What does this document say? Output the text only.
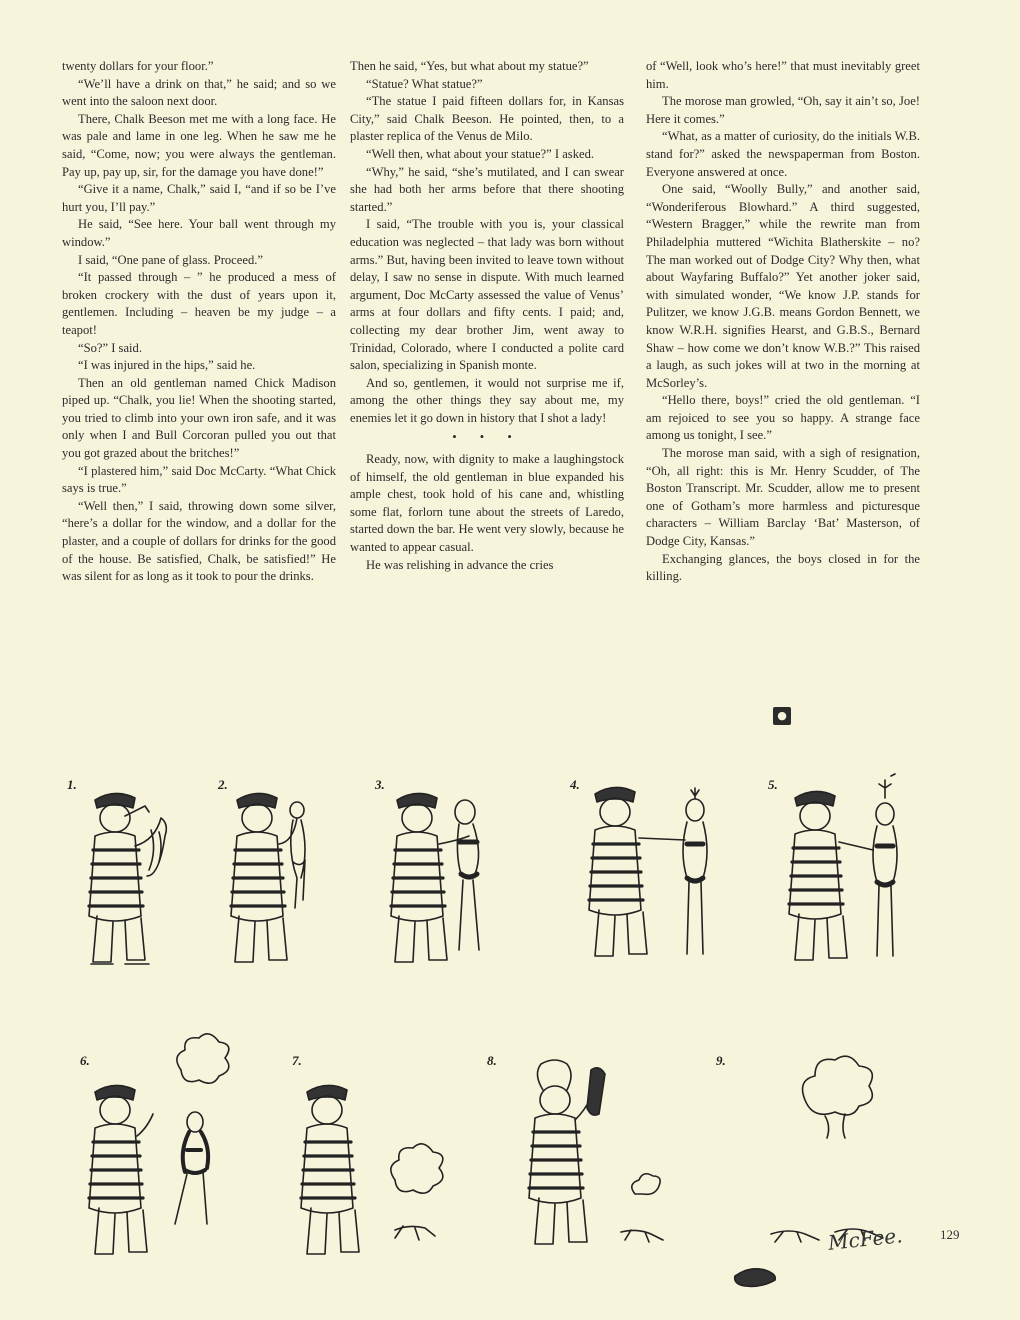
twenty dollars for your floor.”

“We’ll have a drink on that,” he said; and so we went into the saloon next door.

There, Chalk Beeson met me with a long face. He was pale and lame in one leg. When he saw me he said, “Come, now; you were always the gentleman. Pay up, pay up, sir, for the damage you have done!”

“Give it a name, Chalk,” said I, “and if so be I’ve hurt you, I’ll pay.”

He said, “See here. Your ball went through my window.”

I said, “One pane of glass. Proceed.”

“It passed through – ” he produced a mess of broken crockery with the dust of years upon it, gentlemen. Including – heaven be my judge – a teapot!

“So?” I said.

“I was injured in the hips,” said he.

Then an old gentleman named Chick Madison piped up. “Chalk, you lie! When the shooting started, you tried to climb into your own iron safe, and it was only when I and Bull Corcoran pulled you out that you got grazed about the britches!”

“I plastered him,” said Doc McCarty. “What Chick says is true.”

“Well then,” I said, throwing down some silver, “here’s a dollar for the window, and a dollar for the plaster, and a couple of dollars for drinks for the good of the house. Be satisfied, Chalk, be satisfied!” He was silent for as long as it took to pour the drinks.

Then he said, “Yes, but what about my statue?”

“Statue? What statue?”

“The statue I paid fifteen dollars for, in Kansas City,” said Chalk Beeson. He pointed, then, to a plaster replica of the Venus de Milo.

“Well then, what about your statue?” I asked.

“Why,” he said, “she’s mutilated, and I can swear she had both her arms before that there shooting started.”

I said, “The trouble with you is, your classical education was neglected – that lady was born without arms.” But, having been invited to leave town without delay, I saw no sense in dispute. With much learned argument, Doc McCarty assessed the value of Venus’ arms at four dollars and fifty cents. I paid; and, collecting my dear brother Jim, went away to Trinidad, Colorado, where I conducted a polite card salon, specializing in Spanish monte.

And so, gentlemen, it would not surprise me if, among the other things they say about me, my enemies let it go down in history that I shot a lady!

• • •

Ready, now, with dignity to make a laughingstock of himself, the old gentleman in blue expanded his ample chest, took hold of his cane and, whistling some flat, forlorn tune about the streets of Laredo, started down the bar. He went very slowly, because he wanted to appear casual.

He was relishing in advance the cries

of “Well, look who’s here!” that must inevitably greet him.

The morose man growled, “Oh, say it ain’t so, Joe! Here it comes.”

“What, as a matter of curiosity, do the initials W.B. stand for?” asked the newspaperman from Boston. Everyone answered at once.

One said, “Woolly Bully,” and another said, “Wonderiferous Blowhard.” A third suggested, “Western Bragger,” while the rewrite man from Philadelphia muttered “Wichita Blatherskite – no? The man worked out of Dodge City? Why then, what about Wayfaring Buffalo?” Yet another joker said, with simulated wonder, “We know J.P. stands for Pulitzer, we know J.G.B. means Gordon Bennett, we know W.R.H. signifies Hearst, and G.B.S., Bernard Shaw – how come we don’t know W.B.?” This raised a laugh, as such jokes will at two in the morning at McSorley’s.

“Hello there, boys!” cried the old gentleman. “I am rejoiced to see you so happy. A strange face among us tonight, I see.”

The morose man said, with a sigh of resignation, “Oh, all right: this is Mr. Henry Scudder, of The Boston Transcript. Mr. Scudder, allow me to present one of Gotham’s more harmless and picturesque characters – William Barclay ‘Bat’ Masterson, of Dodge City, Kansas.”

Exchanging glances, the boys closed in for the killing.

●
1.	2.	3.	4.	5.
6.	7.	8.	9.
McFee.	129
